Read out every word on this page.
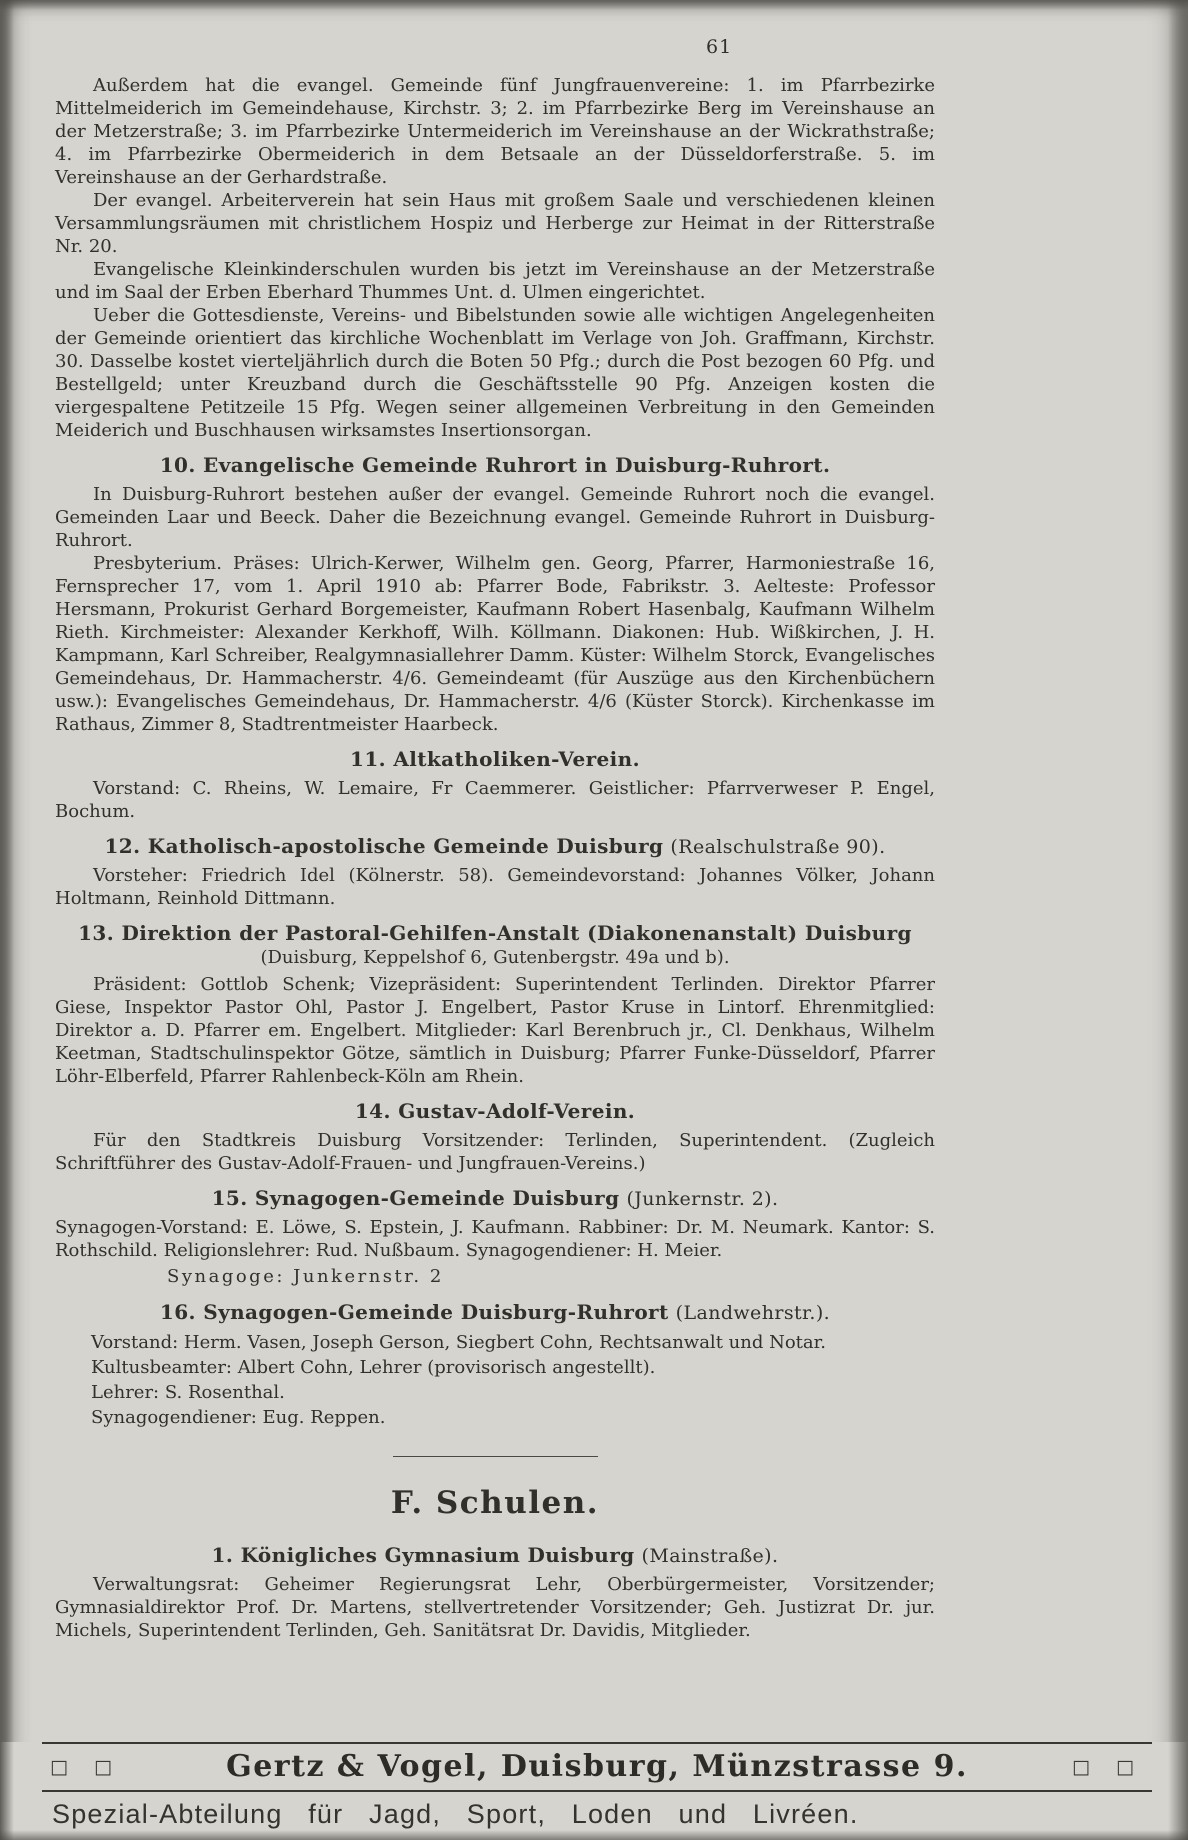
61

Außerdem hat die evangel. Gemeinde fünf Jungfrauenvereine: 1. im Pfarrbezirke Mittelmeiderich im Gemeindehause, Kirchstr. 3; 2. im Pfarrbezirke Berg im Vereinshause an der Metzerstraße; 3. im Pfarrbezirke Untermeiderich im Vereinshause an der Wickrathstraße; 4. im Pfarrbezirke Obermeiderich in dem Betsaale an der Düsseldorferstraße. 5. im Vereinshause an der Gerhardstraße.

Der evangel. Arbeiterverein hat sein Haus mit großem Saale und verschiedenen kleinen Versammlungsräumen mit christlichem Hospiz und Herberge zur Heimat in der Ritterstraße Nr. 20.

Evangelische Kleinkinderschulen wurden bis jetzt im Vereinshause an der Metzerstraße und im Saal der Erben Eberhard Thummes Unt. d. Ulmen eingerichtet.

Ueber die Gottesdienste, Vereins- und Bibelstunden sowie alle wichtigen Angelegenheiten der Gemeinde orientiert das kirchliche Wochenblatt im Verlage von Joh. Graffmann, Kirchstr. 30. Dasselbe kostet vierteljährlich durch die Boten 50 Pfg.; durch die Post bezogen 60 Pfg. und Bestellgeld; unter Kreuzband durch die Geschäftsstelle 90 Pfg. Anzeigen kosten die viergespaltene Petitzeile 15 Pfg. Wegen seiner allgemeinen Verbreitung in den Gemeinden Meiderich und Buschhausen wirksamstes Insertionsorgan.

10. Evangelische Gemeinde Ruhrort in Duisburg-Ruhrort.

In Duisburg-Ruhrort bestehen außer der evangel. Gemeinde Ruhrort noch die evangel. Gemeinden Laar und Beeck. Daher die Bezeichnung evangel. Gemeinde Ruhrort in Duisburg-Ruhrort.

Presbyterium. Präses: Ulrich-Kerwer, Wilhelm gen. Georg, Pfarrer, Harmoniestraße 16, Fernsprecher 17, vom 1. April 1910 ab: Pfarrer Bode, Fabrikstr. 3. Aelteste: Professor Hersmann, Prokurist Gerhard Borgemeister, Kaufmann Robert Hasenbalg, Kaufmann Wilhelm Rieth. Kirchmeister: Alexander Kerkhoff, Wilh. Köllmann. Diakonen: Hub. Wißkirchen, J. H. Kampmann, Karl Schreiber, Realgymnasiallehrer Damm. Küster: Wilhelm Storck, Evangelisches Gemeindehaus, Dr. Hammacherstr. 4/6. Gemeindeamt (für Auszüge aus den Kirchenbüchern usw.): Evangelisches Gemeindehaus, Dr. Hammacherstr. 4/6 (Küster Storck). Kirchenkasse im Rathaus, Zimmer 8, Stadtrentmeister Haarbeck.

11. Altkatholiken-Verein.

Vorstand: C. Rheins, W. Lemaire, Fr Caemmerer. Geistlicher: Pfarrverweser P. Engel, Bochum.

12. Katholisch-apostolische Gemeinde Duisburg (Realschulstraße 90).

Vorsteher: Friedrich Idel (Kölnerstr. 58). Gemeindevorstand: Johannes Völker, Johann Holtmann, Reinhold Dittmann.

13. Direktion der Pastoral-Gehilfen-Anstalt (Diakonenanstalt) Duisburg
(Duisburg, Keppelshof 6, Gutenbergstr. 49a und b).

Präsident: Gottlob Schenk; Vizepräsident: Superintendent Terlinden. Direktor Pfarrer Giese, Inspektor Pastor Ohl, Pastor J. Engelbert, Pastor Kruse in Lintorf. Ehrenmitglied: Direktor a. D. Pfarrer em. Engelbert. Mitglieder: Karl Berenbruch jr., Cl. Denkhaus, Wilhelm Keetman, Stadtschulinspektor Götze, sämtlich in Duisburg; Pfarrer Funke-Düsseldorf, Pfarrer Löhr-Elberfeld, Pfarrer Rahlenbeck-Köln am Rhein.

14. Gustav-Adolf-Verein.

Für den Stadtkreis Duisburg Vorsitzender: Terlinden, Superintendent. (Zugleich Schriftführer des Gustav-Adolf-Frauen- und Jungfrauen-Vereins.)

15. Synagogen-Gemeinde Duisburg (Junkernstr. 2).

Synagogen-Vorstand: E. Löwe, S. Epstein, J. Kaufmann. Rabbiner: Dr. M. Neumark. Kantor: S. Rothschild. Religionslehrer: Rud. Nußbaum. Synagogendiener: H. Meier.

Synagoge: Junkernstr. 2

16. Synagogen-Gemeinde Duisburg-Ruhrort (Landwehrstr.).

Vorstand: Herm. Vasen, Joseph Gerson, Siegbert Cohn, Rechtsanwalt und Notar.

Kultusbeamter: Albert Cohn, Lehrer (provisorisch angestellt).

Lehrer: S. Rosenthal.

Synagogendiener: Eug. Reppen.

F. Schulen.
1. Königliches Gymnasium Duisburg (Mainstraße).

Verwaltungsrat: Geheimer Regierungsrat Lehr, Oberbürgermeister, Vorsitzender; Gymnasialdirektor Prof. Dr. Martens, stellvertretender Vorsitzender; Geh. Justizrat Dr. jur. Michels, Superintendent Terlinden, Geh. Sanitätsrat Dr. Davidis, Mitglieder.

□ □	Gertz & Vogel, Duisburg, Münzstrasse 9.	□ □
Spezial-Abteilung für Jagd, Sport, Loden und Livréen.
